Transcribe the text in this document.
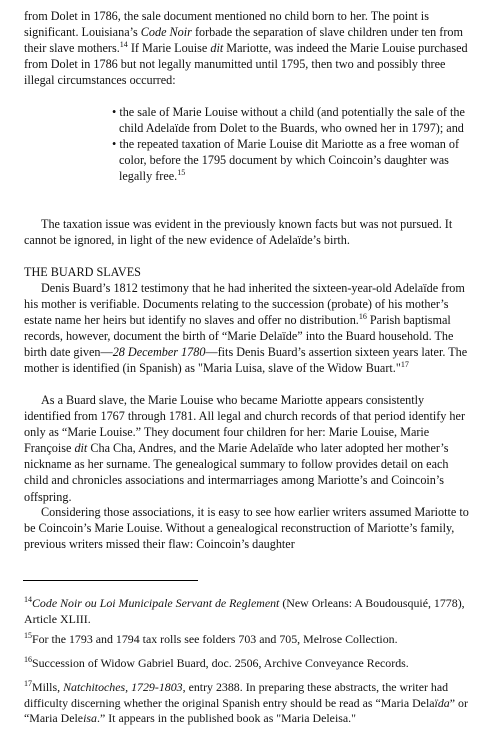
from Dolet in 1786, the sale document mentioned no child born to her. The point is significant. Louisiana’s Code Noir forbade the separation of slave children under ten from their slave mothers.$^{14}$ If Marie Louise dit Mariotte, was indeed the Marie Louise purchased from Dolet in 1786 but not legally manumitted until 1795, then two and possibly three illegal circumstances occurred:

• the sale of Marie Louise without a child (and potentially the sale of the child Adelaïde from Dolet to the Buards, who owned her in 1797); and

• the repeated taxation of Marie Louise dit Mariotte as a free woman of color, before the 1795 document by which Coincoin’s daughter was legally free.$^{15}$

The taxation issue was evident in the previously known facts but was not pursued. It cannot be ignored, in light of the new evidence of Adelaïde’s birth.

THE BUARD SLAVES

Denis Buard’s 1812 testimony that he had inherited the sixteen-year-old Adelaïde from his mother is verifiable. Documents relating to the succession (probate) of his mother’s estate name her heirs but identify no slaves and offer no distribution.$^{16}$ Parish baptismal records, however, document the birth of “Marie Delaïde” into the Buard household. The birth date given—28 December 1780—fits Denis Buard’s assertion sixteen years later. The mother is identified (in Spanish) as "Maria Luisa, slave of the Widow Buart."$^{17}$

As a Buard slave, the Marie Louise who became Mariotte appears consistently identified from 1767 through 1781. All legal and church records of that period identify her only as “Marie Louise.” They document four children for her: Marie Louise, Marie Françoise dit Cha Cha, Andres, and the Marie Adelaïde who later adopted her mother’s nickname as her surname. The genealogical summary to follow provides detail on each child and chronicles associations and intermarriages among Mariotte’s and Coincoin’s offspring.

Considering those associations, it is easy to see how earlier writers assumed Mariotte to be Coincoin’s Marie Louise. Without a genealogical reconstruction of Mariotte’s family, previous writers missed their flaw: Coincoin’s daughter

$^{14}$Code Noir ou Loi Municipale Servant de Reglement (New Orleans: A Boudousquié, 1778), Article XLIII.

$^{15}$For the 1793 and 1794 tax rolls see folders 703 and 705, Melrose Collection.

$^{16}$Succession of Widow Gabriel Buard, doc. 2506, Archive Conveyance Records.

$^{17}$Mills, Natchitoches, 1729-1803, entry 2388. In preparing these abstracts, the writer had difficulty discerning whether the original Spanish entry should be read as “Maria Delaïda” or “Maria Deleisa.” It appears in the published book as "Maria Deleisa."
